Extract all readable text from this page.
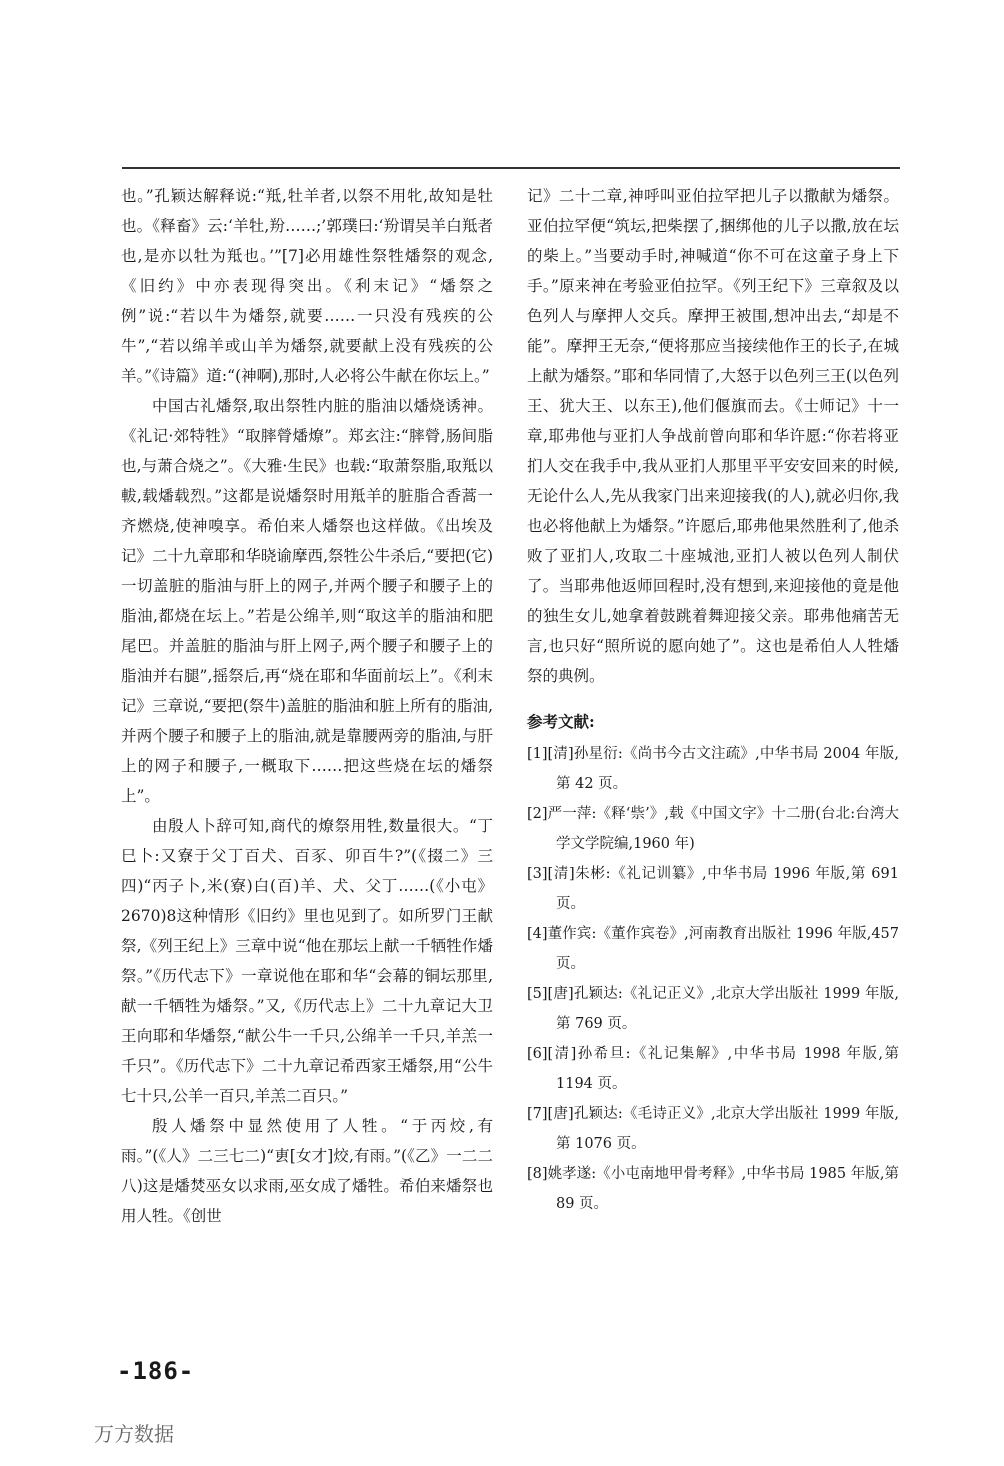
也。”孔颖达解释说:“羝,牡羊者,以祭不用牝,故知是牡也。《释畜》云:‘羊牡,羒……;’郭璞曰:‘羒谓吴羊白羝者也,是亦以牡为羝也。’”[7]必用雄性祭牲燔祭的观念,《旧约》中亦表现得突出。《利末记》“燔祭之例”说:“若以牛为燔祭,就要……一只没有残疾的公牛”,“若以绵羊或山羊为燔祭,就要献上没有残疾的公羊。”《诗篇》道:“(神啊),那时,人必将公牛献在你坛上。”

中国古礼燔祭,取出祭牲内脏的脂油以燔烧诱神。《礼记·郊特牲》“取膟膋燔燎”。郑玄注:“膟膋,肠间脂也,与萧合烧之”。《大雅·生民》也载:“取萧祭脂,取羝以軷,载燔载烈。”这都是说燔祭时用羝羊的脏脂合香蒿一齐燃烧,使神嗅享。希伯来人燔祭也这样做。《出埃及记》二十九章耶和华晓谕摩西,祭牲公牛杀后,“要把(它)一切盖脏的脂油与肝上的网子,并两个腰子和腰子上的脂油,都烧在坛上。”若是公绵羊,则“取这羊的脂油和肥尾巴。并盖脏的脂油与肝上网子,两个腰子和腰子上的脂油并右腿”,摇祭后,再“烧在耶和华面前坛上”。《利末记》三章说,“要把(祭牛)盖脏的脂油和脏上所有的脂油,并两个腰子和腰子上的脂油,就是靠腰两旁的脂油,与肝上的网子和腰子,一概取下……把这些烧在坛的燔祭上”。

由殷人卜辞可知,商代的燎祭用牲,数量很大。“丁巳卜:又寮于父丁百犬、百豕、卯百牛?”(《掇二》三四)“丙子卜,米(寮)白(百)羊、犬、父丁……(《小屯》2670)8这种情形《旧约》里也见到了。如所罗门王献祭,《列王纪上》三章中说“他在那坛上献一千牺牲作燔祭。”《历代志下》一章说他在耶和华“会幕的铜坛那里,献一千牺牲为燔祭。”又,《历代志上》二十九章记大卫王向耶和华燔祭,“献公牛一千只,公绵羊一千只,羊羔一千只”。《历代志下》二十九章记希西家王燔祭,用“公牛七十只,公羊一百只,羊羔二百只。”

殷人燔祭中显然使用了人牲。“于丙烄,有雨。”(《人》二三七二)“叀[女才]烄,有雨。”(《乙》一二二八)这是燔焚巫女以求雨,巫女成了燔牲。希伯来燔祭也用人牲。《创世

记》二十二章,神呼叫亚伯拉罕把儿子以撒献为燔祭。亚伯拉罕便“筑坛,把柴摆了,捆绑他的儿子以撒,放在坛的柴上。”当要动手时,神喊道“你不可在这童子身上下手。”原来神在考验亚伯拉罕。《列王纪下》三章叙及以色列人与摩押人交兵。摩押王被围,想冲出去,“却是不能”。摩押王无奈,“便将那应当接续他作王的长子,在城上献为燔祭。”耶和华同情了,大怒于以色列三王(以色列王、犹大王、以东王),他们偃旗而去。《士师记》十一章,耶弗他与亚扪人争战前曾向耶和华许愿:“你若将亚扪人交在我手中,我从亚扪人那里平平安安回来的时候,无论什么人,先从我家门出来迎接我(的人),就必归你,我也必将他献上为燔祭。”许愿后,耶弗他果然胜利了,他杀败了亚扪人,攻取二十座城池,亚扪人被以色列人制伏了。当耶弗他返师回程时,没有想到,来迎接他的竟是他的独生女儿,她拿着鼓跳着舞迎接父亲。耶弗他痛苦无言,也只好“照所说的愿向她了”。这也是希伯人人牲燔祭的典例。

参考文献:

[1][清]孙星衍:《尚书今古文注疏》,中华书局 2004 年版,第 42 页。

[2]严一萍:《释‘祡’》,载《中国文字》十二册(台北:台湾大学文学院编,1960 年)

[3][清]朱彬:《礼记训纂》,中华书局 1996 年版,第 691 页。

[4]董作宾:《董作宾卷》,河南教育出版社 1996 年版,457 页。

[5][唐]孔颖达:《礼记正义》,北京大学出版社 1999 年版,第 769 页。

[6][清]孙希旦:《礼记集解》,中华书局 1998 年版,第 1194 页。

[7][唐]孔颖达:《毛诗正义》,北京大学出版社 1999 年版,第 1076 页。

[8]姚孝遂:《小屯南地甲骨考释》,中华书局 1985 年版,第 89 页。

-186-
万方数据
